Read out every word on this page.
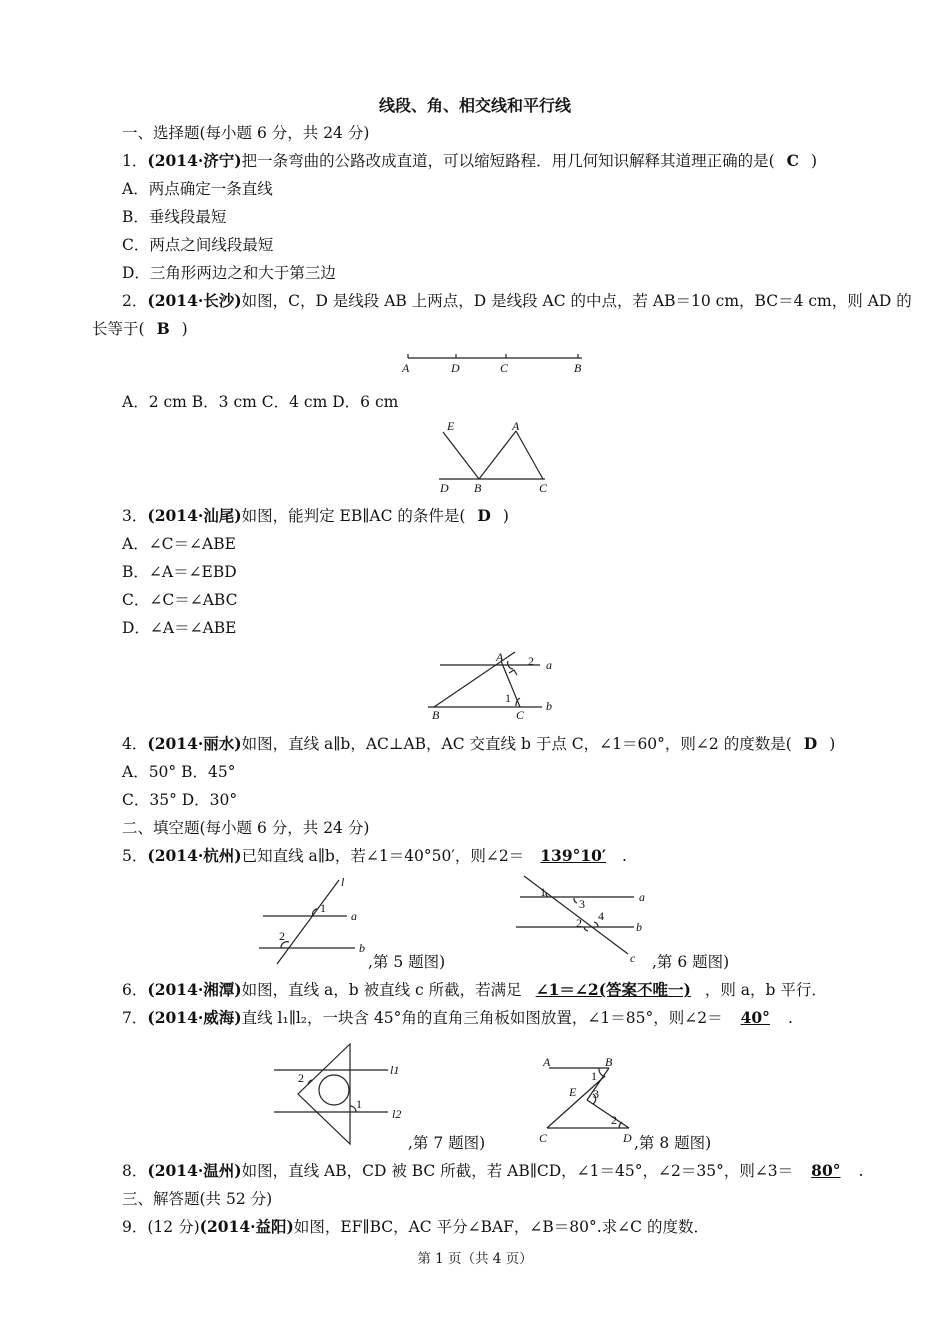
线段、角、相交线和平行线
一、选择题(每小题 6 分，共 24 分)
1．(2014·济宁)把一条弯曲的公路改成直道，可以缩短路程．用几何知识解释其道理正确的是( C )
A．两点确定一条直线
B．垂线段最短
C．两点之间线段最短
D．三角形两边之和大于第三边
2．(2014·长沙)如图，C，D 是线段 AB 上两点，D 是线段 AC 的中点，若 AB＝10 cm，BC＝4 cm，则 AD 的
长等于( B )
A	D	C	B
A．2 cm B．3 cm C．4 cm D．6 cm
E	A
D B	C
3．(2014·汕尾)如图，能判定 EB∥AC 的条件是( D )
A．∠C＝∠ABE
B．∠A＝∠EBD
C．∠C＝∠ABC
D．∠A＝∠ABE
A 2 a
1
B	C
b
4．(2014·丽水)如图，直线 a∥b，AC⊥AB，AC 交直线 b 于点 C，∠1＝60°，则∠2 的度数是( D )
A．50° B．45°
C．35° D．30°
二、填空题(每小题 6 分，共 24 分)
5．(2014·杭州)已知直线 a∥b，若∠1＝40°50′，则∠2＝ 139°10′ .
l
1
a
2
b
,第 5 题图)
1	a
3
4
2	b
c ,第 6 题图)
6．(2014·湘潭)如图，直线 a，b 被直线 c 所截，若满足 ∠1＝∠2(答案不唯一) ，则 a，b 平行．
7．(2014·威海)直线 l₁∥l₂，一块含 45°角的直角三角板如图放置，∠1＝85°，则∠2＝ 40° .
2
l1
1
l2
,第 7 题图)
A	B
1
E 3
2
C	D ,第 8 题图)
8．(2014·温州)如图，直线 AB，CD 被 BC 所截，若 AB∥CD，∠1＝45°，∠2＝35°，则∠3＝ 80° .
三、解答题(共 52 分)
9．(12 分)(2014·益阳)如图，EF∥BC，AC 平分∠BAF，∠B＝80°.求∠C 的度数．
第 1 页（共 4 页）
